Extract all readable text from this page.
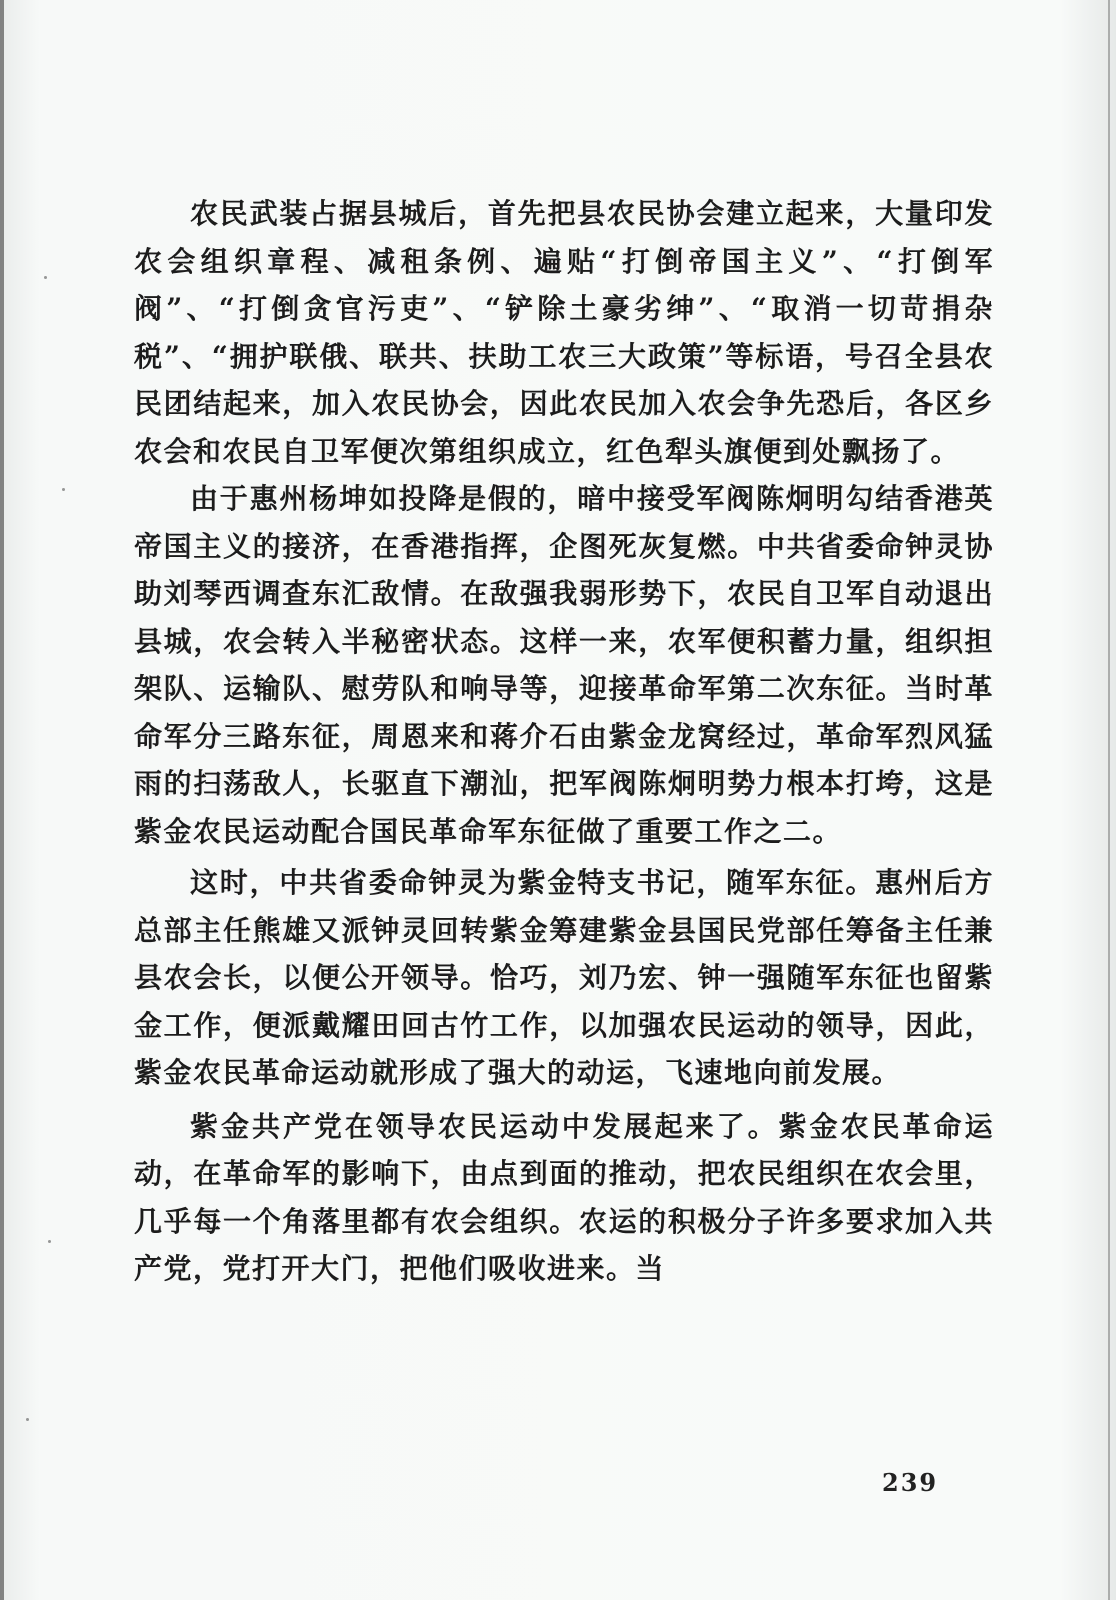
农民武装占据县城后，首先把县农民协会建立起来，大量印发农会组织章程、减租条例、遍贴“打倒帝国主义”、“打倒军阀”、“打倒贪官污吏”、“铲除土豪劣绅”、“取消一切苛捐杂税”、“拥护联俄、联共、扶助工农三大政策”等标语，号召全县农民团结起来，加入农民协会，因此农民加入农会争先恐后，各区乡农会和农民自卫军便次第组织成立，红色犁头旗便到处飘扬了。

由于惠州杨坤如投降是假的，暗中接受军阀陈炯明勾结香港英帝国主义的接济，在香港指挥，企图死灰复燃。中共省委命钟灵协助刘琴西调查东汇敌情。在敌强我弱形势下，农民自卫军自动退出县城，农会转入半秘密状态。这样一来，农军便积蓄力量，组织担架队、运输队、慰劳队和响导等，迎接革命军第二次东征。当时革命军分三路东征，周恩来和蒋介石由紫金龙窝经过，革命军烈风猛雨的扫荡敌人，长驱直下潮汕，把军阀陈炯明势力根本打垮，这是紫金农民运动配合国民革命军东征做了重要工作之二。

这时，中共省委命钟灵为紫金特支书记，随军东征。惠州后方总部主任熊雄又派钟灵回转紫金筹建紫金县国民党部任筹备主任兼县农会长，以便公开领导。恰巧，刘乃宏、钟一强随军东征也留紫金工作，便派戴耀田回古竹工作，以加强农民运动的领导，因此，紫金农民革命运动就形成了强大的动运，飞速地向前发展。

紫金共产党在领导农民运动中发展起来了。紫金农民革命运动，在革命军的影响下，由点到面的推动，把农民组织在农会里，几乎每一个角落里都有农会组织。农运的积极分子许多要求加入共产党，党打开大门，把他们吸收进来。当

239
